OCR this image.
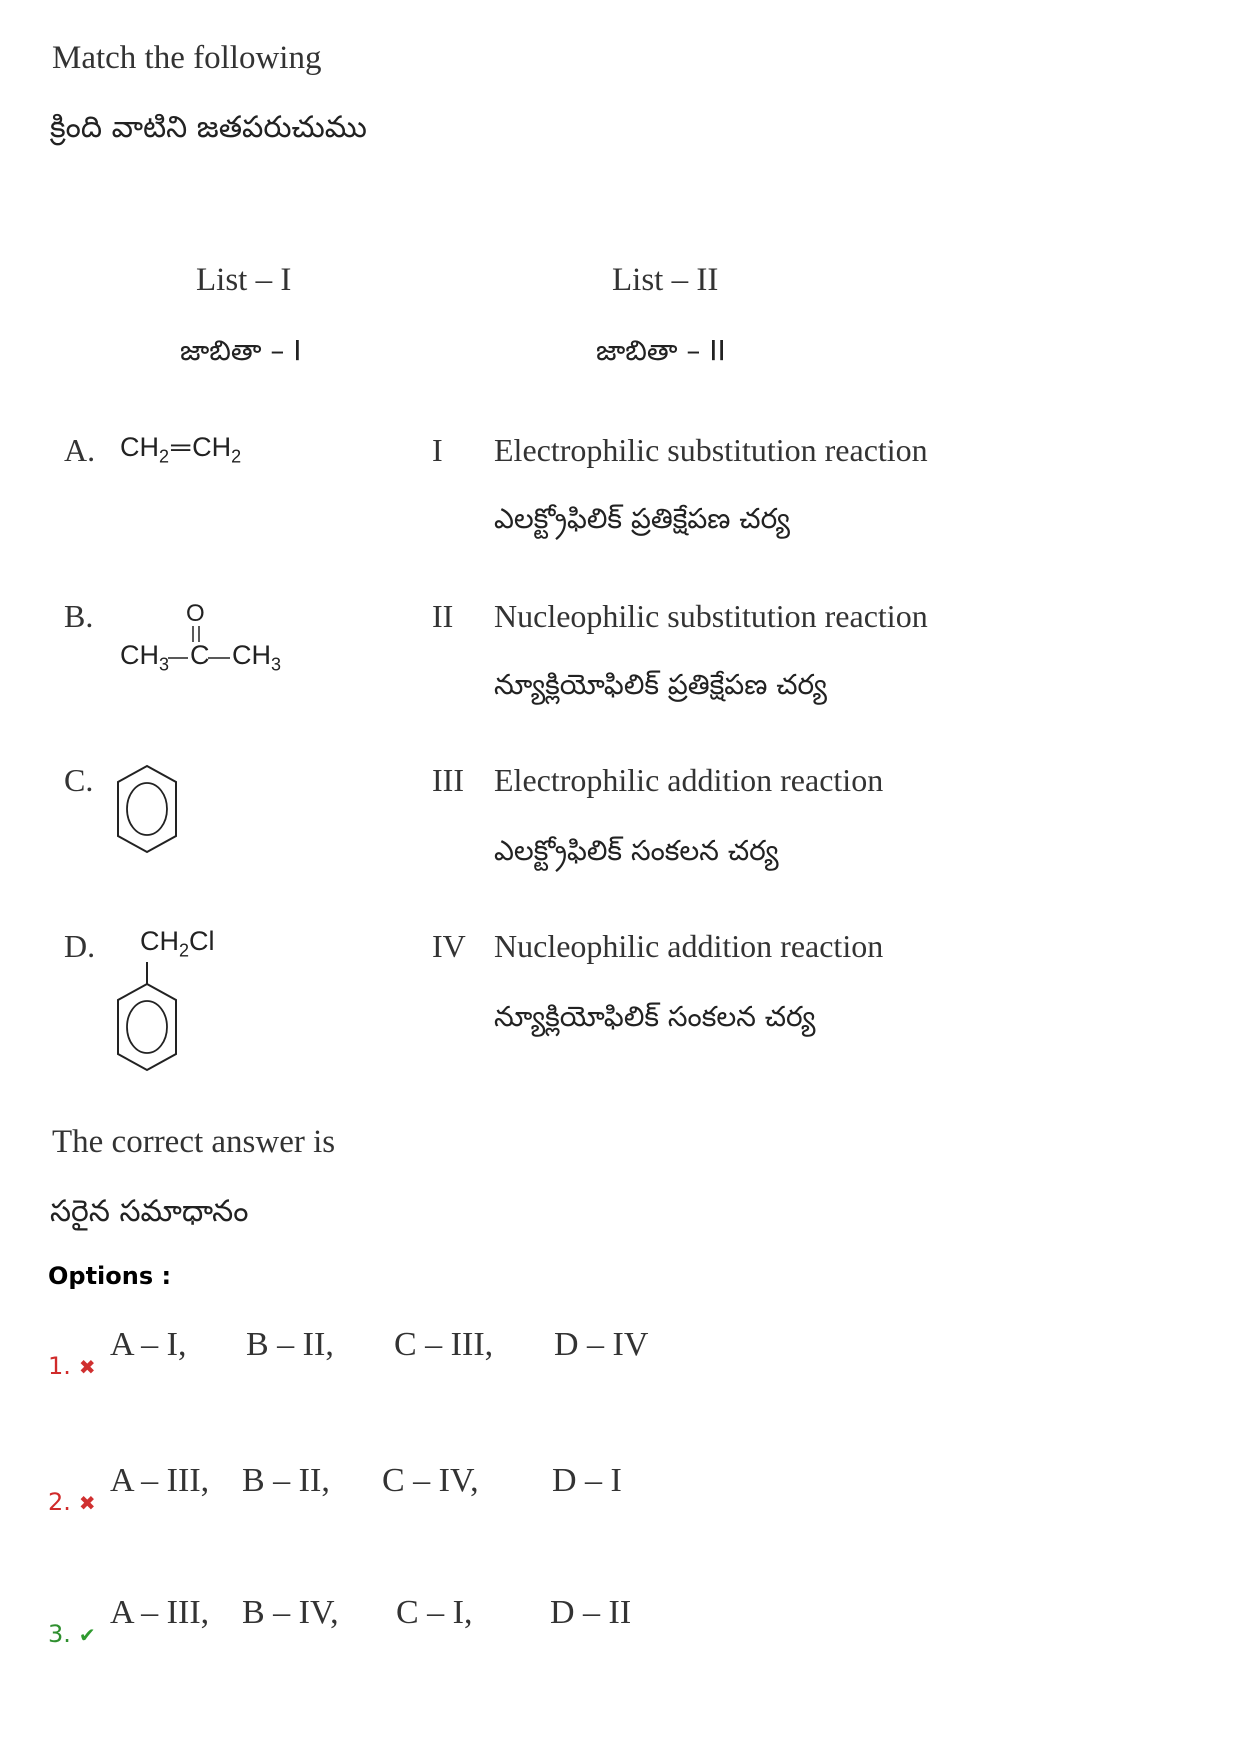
Match the following
క్రింది వాటిని జతపరుచుము
List – I
జాబితా – I
List – II
జాబితా – II
A.
B.
C.
D.
$CH_2═CH_2$
O
$CH_3$ C $CH_3$
$CH_2Cl$
I Electrophilic substitution reaction
ఎలక్ట్రోఫిలిక్ ప్రతిక్షేపణ చర్య
II Nucleophilic substitution reaction
న్యూక్లియోఫిలిక్ ప్రతిక్షేపణ చర్య
III Electrophilic addition reaction
ఎలక్ట్రోఫిలిక్ సంకలన చర్య
IV Nucleophilic addition reaction
న్యూక్లియోఫిలిక్ సంకలన చర్య
The correct answer is
సరైన సమాధానం
Options :
1. ✖
A – I, B – II, C – III, D – IV
2. ✖
A – III, B – II, C – IV, D – I
3. ✔
A – III, B – IV, C – I, D – II
